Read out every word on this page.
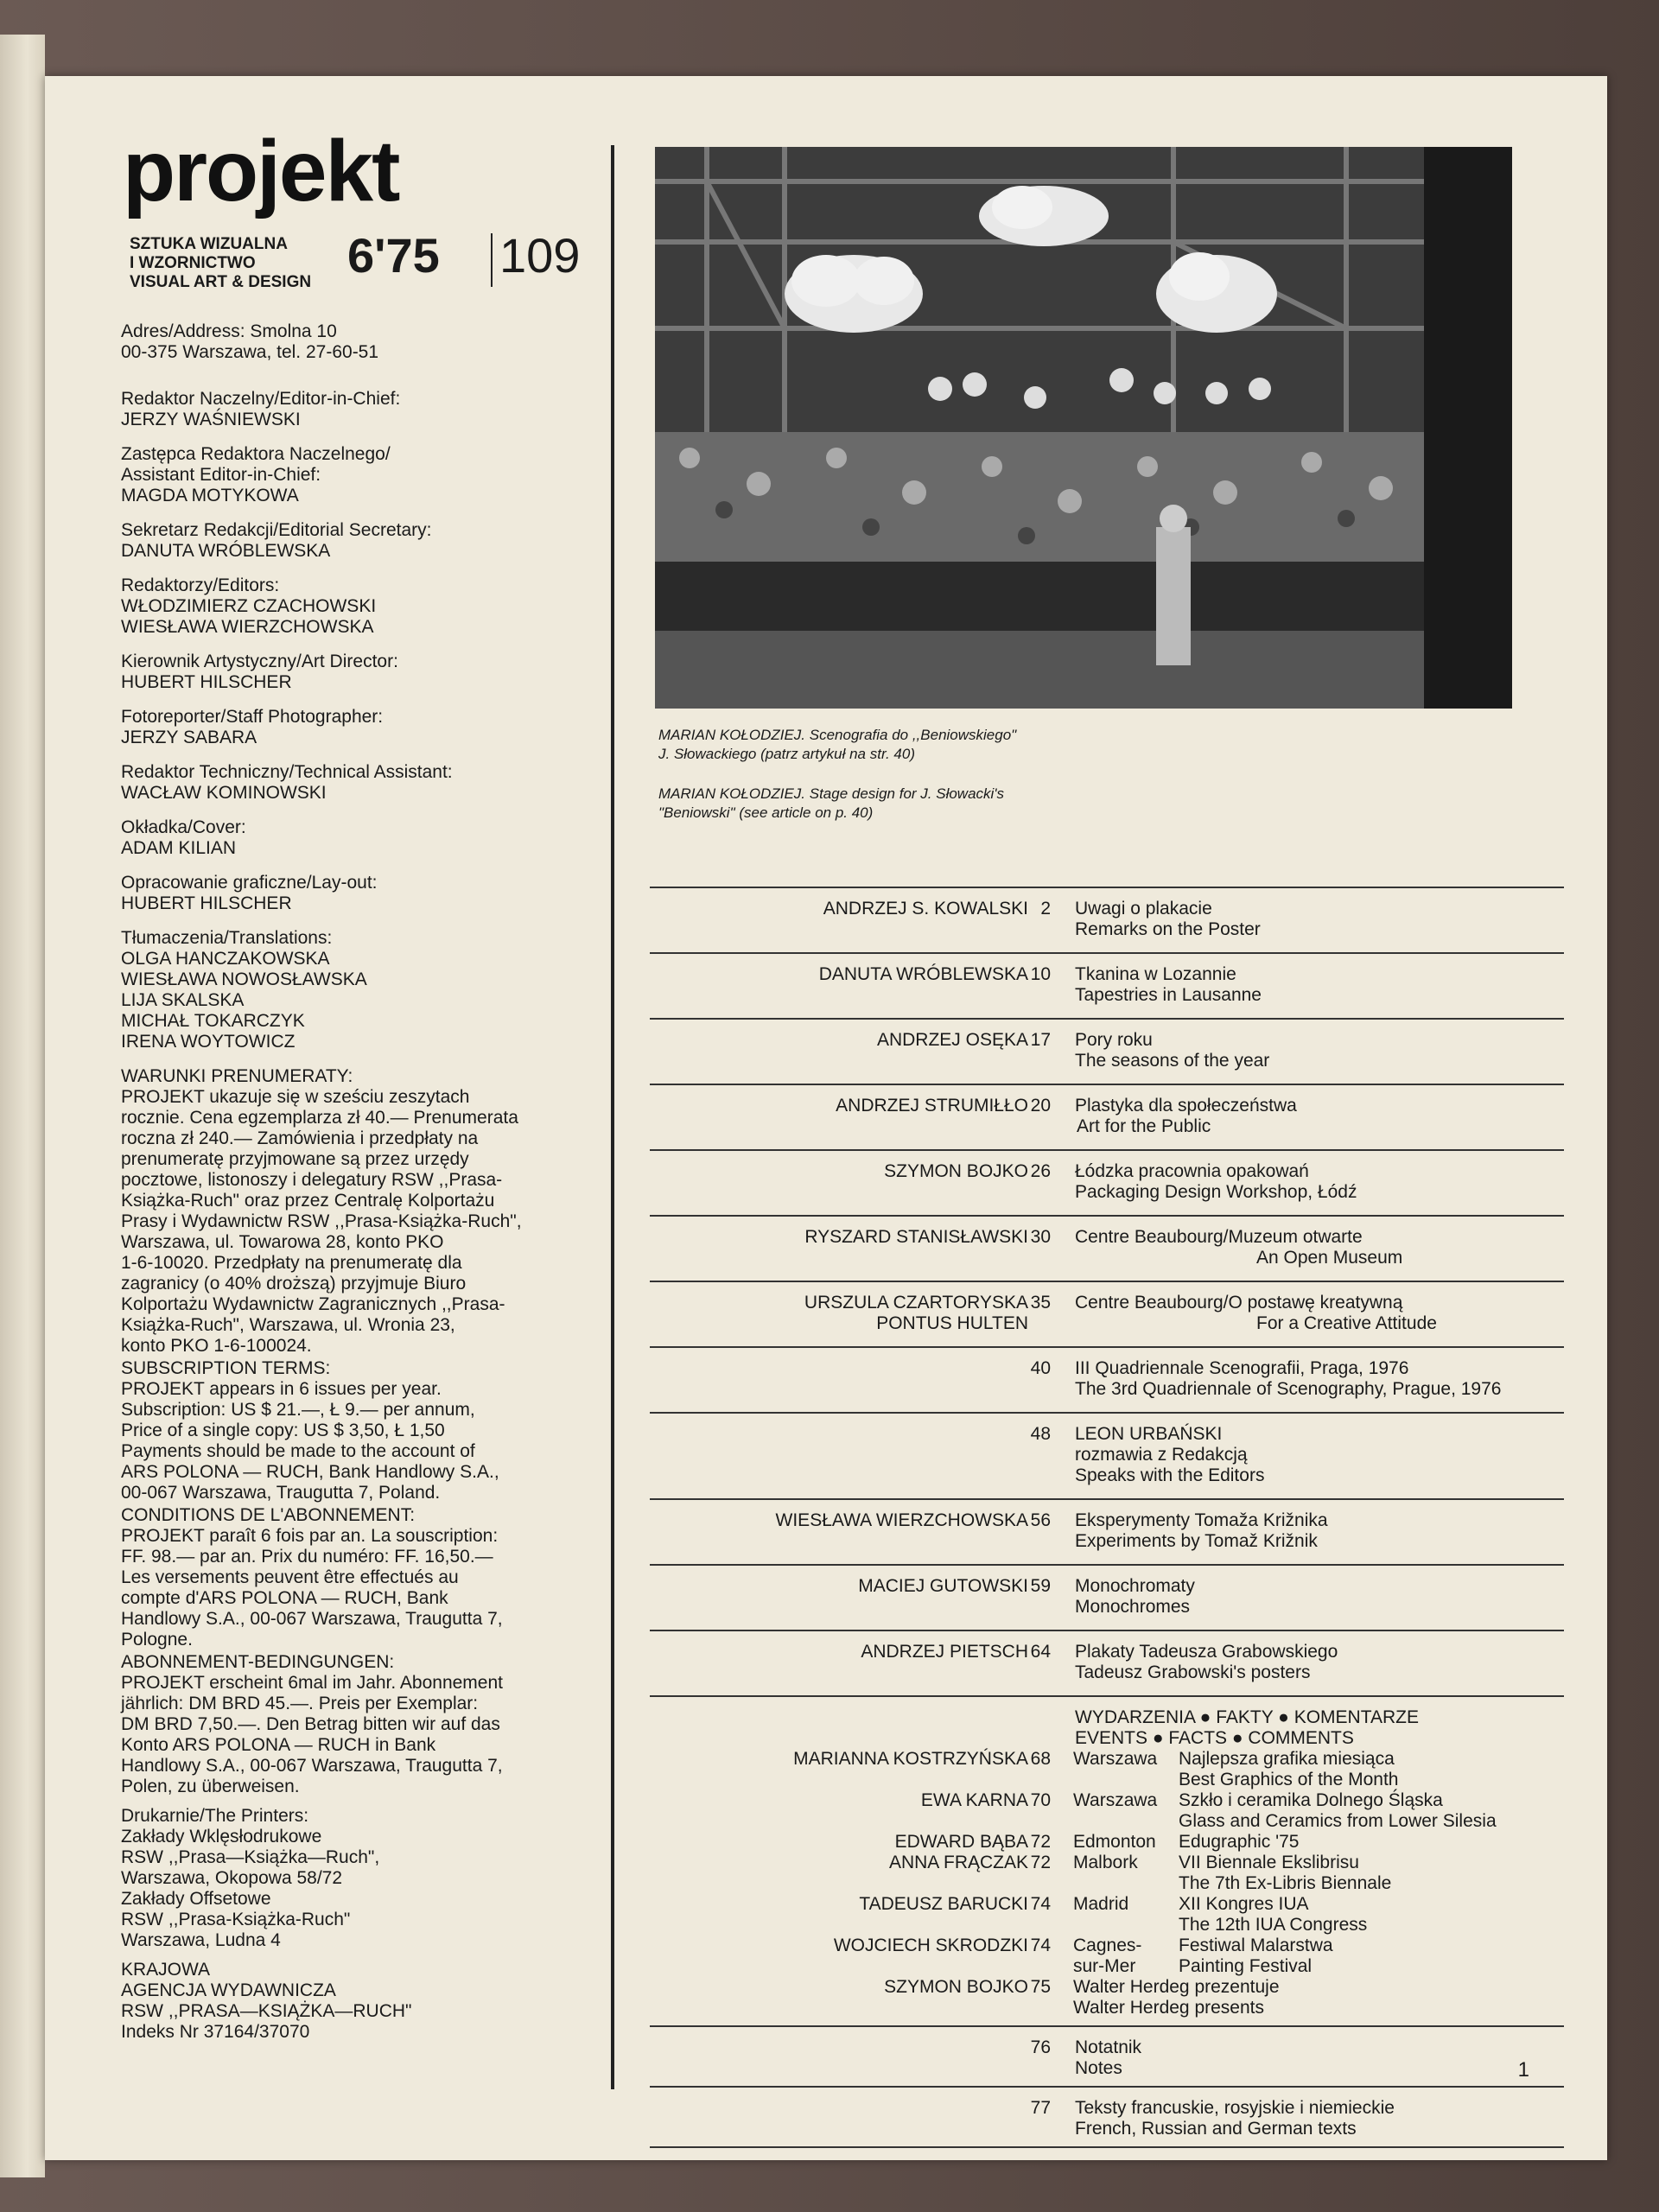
projekt
SZTUKA WIZUALNA
I WZORNICTWO
VISUAL ART & DESIGN 6'75 109
Adres/Address: Smolna 10
00-375 Warszawa, tel. 27-60-51
Redaktor Naczelny/Editor-in-Chief:
JERZY WAŚNIEWSKI
Zastępca Redaktora Naczelnego/
Assistant Editor-in-Chief:
MAGDA MOTYKOWA
Sekretarz Redakcji/Editorial Secretary:
DANUTA WRÓBLEWSKA
Redaktorzy/Editors:
WŁODZIMIERZ CZACHOWSKI
WIESŁAWA WIERZCHOWSKA
Kierownik Artystyczny/Art Director:
HUBERT HILSCHER
Fotoreporter/Staff Photographer:
JERZY SABARA
Redaktor Techniczny/Technical Assistant:
WACŁAW KOMINOWSKI
Okładka/Cover:
ADAM KILIAN
Opracowanie graficzne/Lay-out:
HUBERT HILSCHER
Tłumaczenia/Translations:
OLGA HANCZAKOWSKA
WIESŁAWA NOWOSŁAWSKA
LIJA SKALSKA
MICHAŁ TOKARCZYK
IRENA WOYTOWICZ
WARUNKI PRENUMERATY:
PROJEKT ukazuje się w sześciu zeszytach
rocznie. Cena egzemplarza zł 40.— Prenumerata
roczna zł 240.— Zamówienia i przedpłaty na
prenumeratę przyjmowane są przez urzędy
pocztowe, listonoszy i delegatury RSW ,,Prasa-
Książka-Ruch" oraz przez Centralę Kolportażu
Prasy i Wydawnictw RSW ,,Prasa-Książka-Ruch",
Warszawa, ul. Towarowa 28, konto PKO
1-6-10020. Przedpłaty na prenumeratę dla
zagranicy (o 40% droższą) przyjmuje Biuro
Kolportażu Wydawnictw Zagranicznych ,,Prasa-
Książka-Ruch", Warszawa, ul. Wronia 23,
konto PKO 1-6-100024.
SUBSCRIPTION TERMS:
PROJEKT appears in 6 issues per year.
Subscription: US $ 21.—, Ł 9.— per annum,
Price of a single copy: US $ 3,50, Ł 1,50
Payments should be made to the account of
ARS POLONA — RUCH, Bank Handlowy S.A.,
00-067 Warszawa, Traugutta 7, Poland.
CONDITIONS DE L'ABONNEMENT:
PROJEKT paraît 6 fois par an. La souscription:
FF. 98.— par an. Prix du numéro: FF. 16,50.—
Les versements peuvent être effectués au
compte d'ARS POLONA — RUCH, Bank
Handlowy S.A., 00-067 Warszawa, Traugutta 7,
Pologne.
ABONNEMENT-BEDINGUNGEN:
PROJEKT erscheint 6mal im Jahr. Abonnement
jährlich: DM BRD 45.—. Preis per Exemplar:
DM BRD 7,50.—. Den Betrag bitten wir auf das
Konto ARS POLONA — RUCH in Bank
Handlowy S.A., 00-067 Warszawa, Traugutta 7,
Polen, zu überweisen.
Drukarnie/The Printers:
Zakłady Wklęsłodrukowe
RSW ,,Prasa—Książka—Ruch",
Warszawa, Okopowa 58/72
Zakłady Offsetowe
RSW ,,Prasa-Książka-Ruch"
Warszawa, Ludna 4
KRAJOWA
AGENCJA WYDAWNICZA
RSW ,,PRASA—KSIĄŻKA—RUCH"
Indeks Nr 37164/37070
MARIAN KOŁODZIEJ. Scenografia do ,,Beniowskiego"
J. Słowackiego (patrz artykuł na str. 40)
MARIAN KOŁODZIEJ. Stage design for J. Słowacki's
"Beniowski" (see article on p. 40)
ANDRZEJ S. KOWALSKI 2 Uwagi o plakacie
Remarks on the Poster
DANUTA WRÓBLEWSKA 10 Tkanina w Lozannie
Tapestries in Lausanne
ANDRZEJ OSĘKA 17 Pory roku
The seasons of the year
ANDRZEJ STRUMIŁŁO 20 Plastyka dla społeczeństwa
Art for the Public
SZYMON BOJKO 26 Łódzka pracownia opakowań
Packaging Design Workshop, Łódź
RYSZARD STANISŁAWSKI 30 Centre Beaubourg/Muzeum otwarte
An Open Museum
URSZULA CZARTORYSKA
PONTUS HULTEN
35 Centre Beaubourg/O postawę kreatywną
For a Creative Attitude
40 III Quadriennale Scenografii, Praga, 1976
The 3rd Quadriennale of Scenography, Prague, 1976
48 LEON URBAŃSKI
rozmawia z Redakcją
Speaks with the Editors
WIESŁAWA WIERZCHOWSKA 56 Eksperymenty Tomaža Križnika
Experiments by Tomaž Križnik
MACIEJ GUTOWSKI 59 Monochromaty
Monochromes
ANDRZEJ PIETSCH 64 Plakaty Tadeusza Grabowskiego
Tadeusz Grabowski's posters
WYDARZENIA ● FAKTY ● KOMENTARZE
EVENTS ● FACTS ● COMMENTS
MARIANNA KOSTRZYŃSKA 68 Warszawa Najlepsza grafika miesiąca
Best Graphics of the Month
EWA KARNA 70 Warszawa Szkło i ceramika Dolnego Śląska
Glass and Ceramics from Lower Silesia
EDWARD BĄBA 72 Edmonton Edugraphic '75
ANNA FRĄCZAK 72 Malbork VII Biennale Ekslibrisu
The 7th Ex-Libris Biennale
TADEUSZ BARUCKI 74 Madrid	XII Kongres IUA
The 12th IUA Congress
WOJCIECH SKRODZKI 74 Cagnes-
sur-Mer
Festiwal Malarstwa
Painting Festival
SZYMON BOJKO 75 Walter Herdeg prezentuje
Walter Herdeg presents
76 Notatnik
Notes
77 Teksty francuskie, rosyjskie i niemieckie
French, Russian and German texts
1
